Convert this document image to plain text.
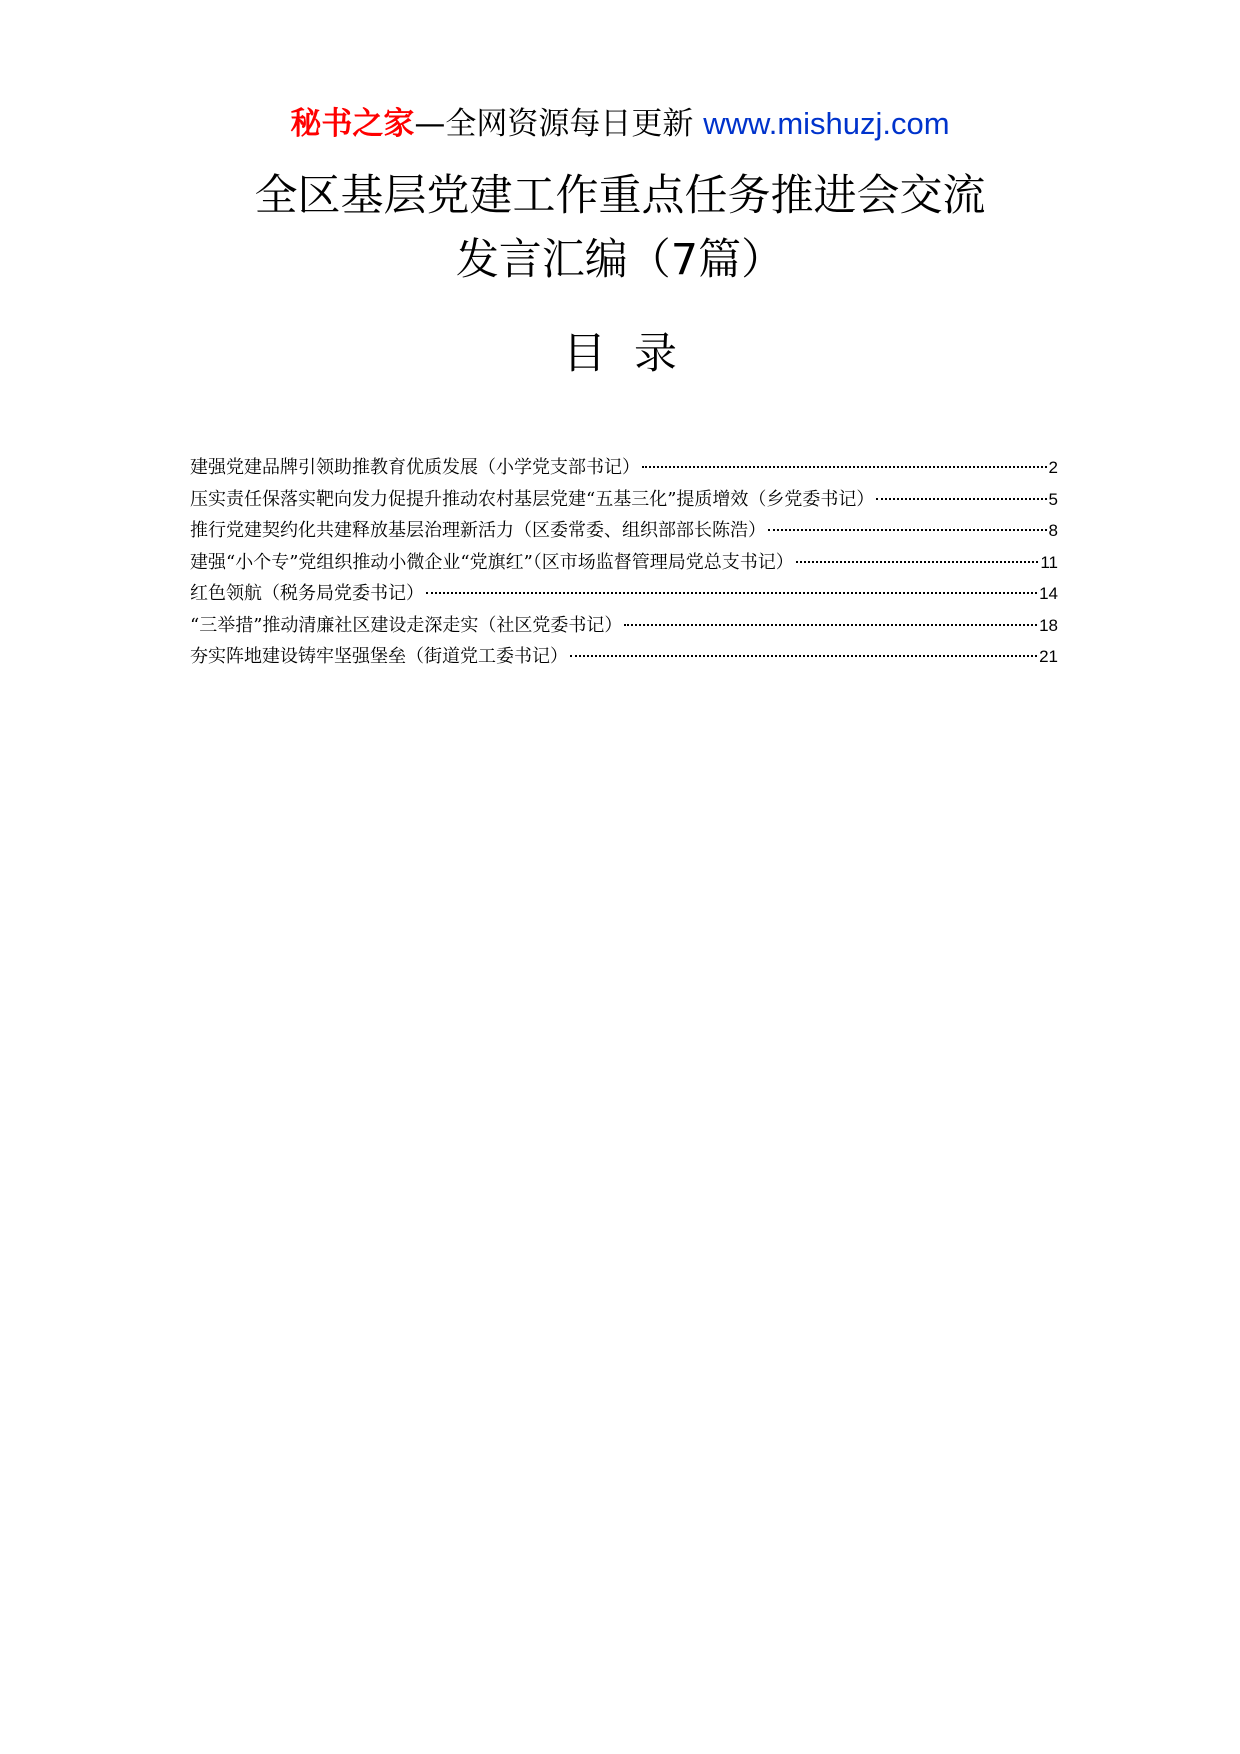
秘书之家—全网资源每日更新 www.mishuzj.com
全区基层党建工作重点任务推进会交流
发言汇编（7篇）
目录
建强党建品牌引领助推教育优质发展（小学党支部书记）	2
压实责任保落实靶向发力促提升推动农村基层党建“五基三化”提质增效（乡党委书记）	5
推行党建契约化共建释放基层治理新活力（区委常委、组织部部长陈浩）	8
建强“小个专”党组织推动小微企业“党旗红”（区市场监督管理局党总支书记）	11
红色领航（税务局党委书记）	14
“三举措”推动清廉社区建设走深走实（社区党委书记）	18
夯实阵地建设铸牢坚强堡垒（街道党工委书记）	21
